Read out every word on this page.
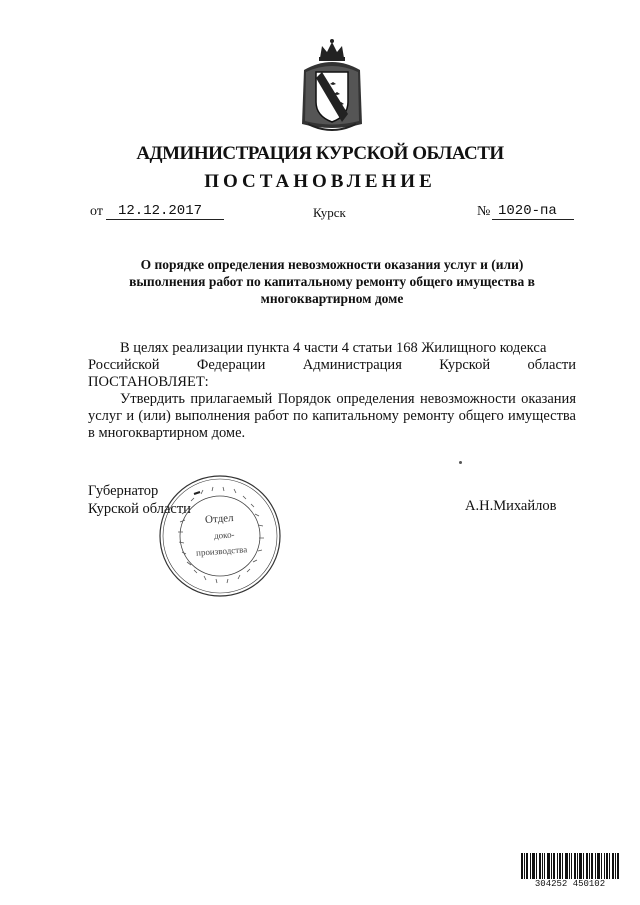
АДМИНИСТРАЦИЯ КУРСКОЙ ОБЛАСТИ
ПОСТАНОВЛЕНИЕ
от	12.12.2017	Курск	№ 1020-па
О порядке определения невозможности оказания услуг и (или)
выполнения работ по капитальному ремонту общего имущества в
многоквартирном доме
В целях реализации пункта 4 части 4 статьи 168 Жилищного кодекса
Российской	Федерации	Администрация	Курской	области
ПОСТАНОВЛЯЕТ:
Утвердить прилагаемый Порядок определения невозможности оказания услуг и (или) выполнения работ по капитальному ремонту общего имущества в многоквартирном доме.
Губернатор
Курской области
Отдел
доко-
производства
А.Н.Михайлов
304252 450102
